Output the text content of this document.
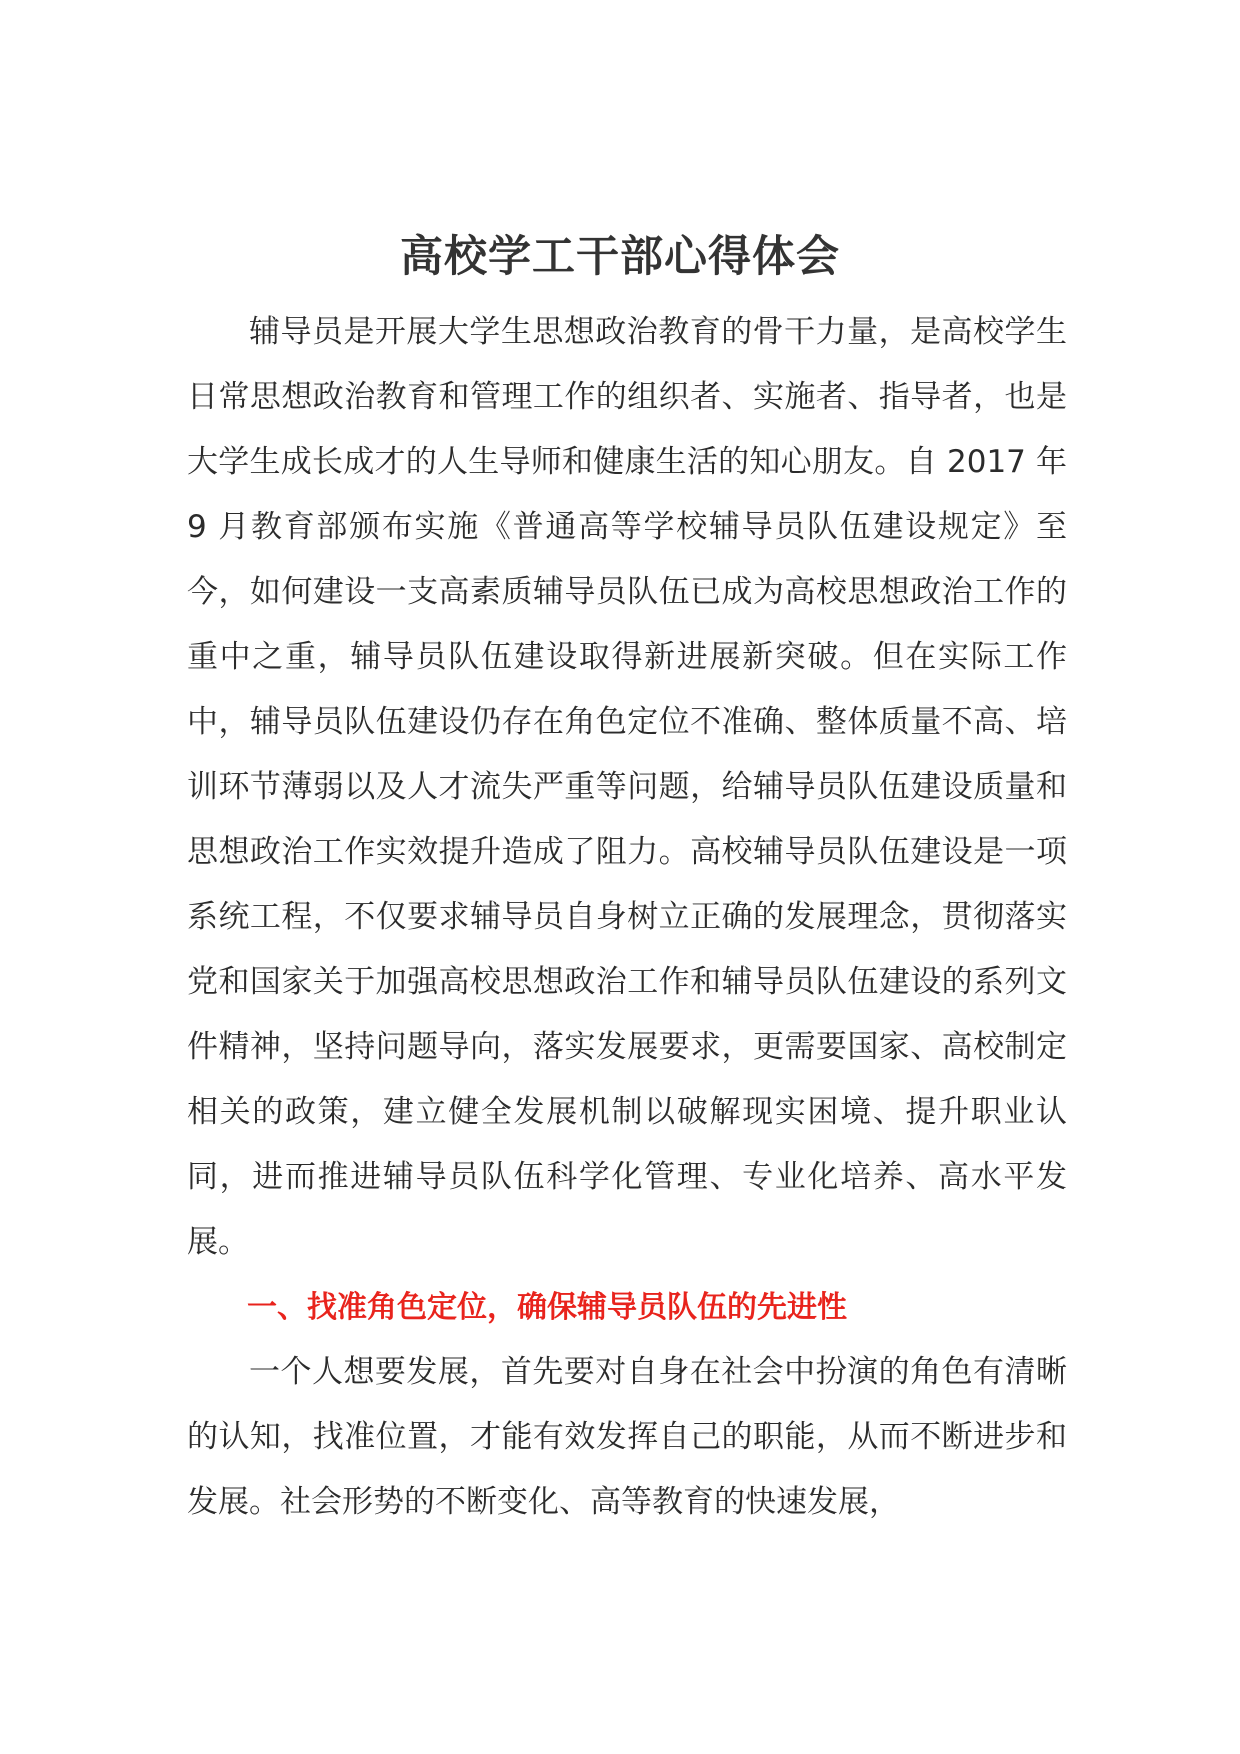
高校学工干部心得体会

辅导员是开展大学生思想政治教育的骨干力量，是高校学生日常思想政治教育和管理工作的组织者、实施者、指导者，也是大学生成长成才的人生导师和健康生活的知心朋友。自 2017 年 9 月教育部颁布实施《普通高等学校辅导员队伍建设规定》至今，如何建设一支高素质辅导员队伍已成为高校思想政治工作的重中之重，辅导员队伍建设取得新进展新突破。但在实际工作中，辅导员队伍建设仍存在角色定位不准确、整体质量不高、培训环节薄弱以及人才流失严重等问题，给辅导员队伍建设质量和思想政治工作实效提升造成了阻力。高校辅导员队伍建设是一项系统工程，不仅要求辅导员自身树立正确的发展理念，贯彻落实党和国家关于加强高校思想政治工作和辅导员队伍建设的系列文件精神，坚持问题导向，落实发展要求，更需要国家、高校制定相关的政策，建立健全发展机制以破解现实困境、提升职业认同，进而推进辅导员队伍科学化管理、专业化培养、高水平发展。

一、找准角色定位，确保辅导员队伍的先进性

一个人想要发展，首先要对自身在社会中扮演的角色有清晰的认知，找准位置，才能有效发挥自己的职能，从而不断进步和发展。社会形势的不断变化、高等教育的快速发展，
